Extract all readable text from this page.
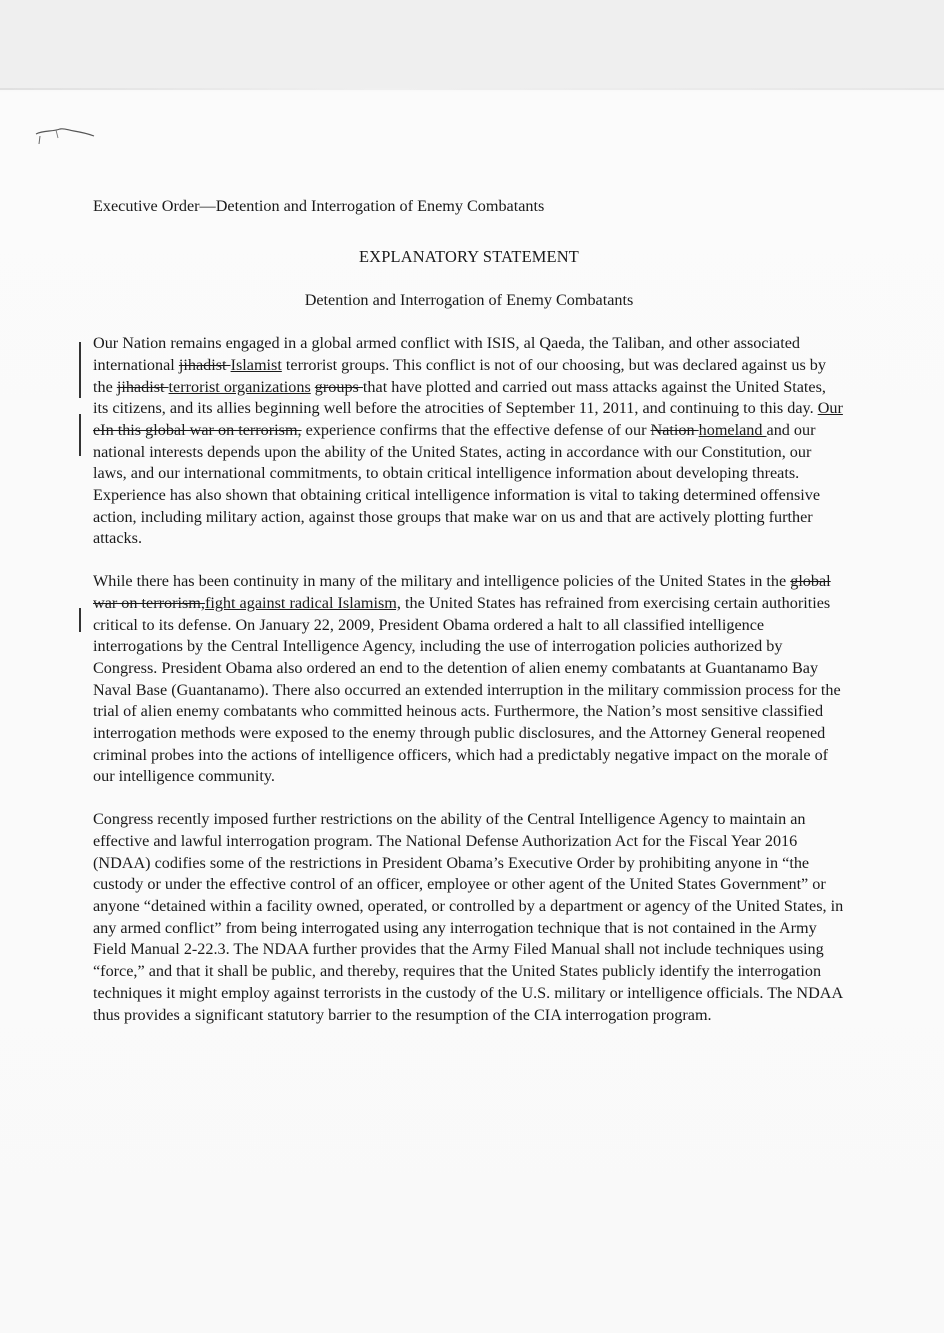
Executive Order—Detention and Interrogation of Enemy Combatants

EXPLANATORY STATEMENT

Detention and Interrogation of Enemy Combatants

Our Nation remains engaged in a global armed conflict with ISIS, al Qaeda, the Taliban, and other associated international jihadist Islamist terrorist groups. This conflict is not of our choosing, but was declared against us by the jihadist terrorist organizations groups that have plotted and carried out mass attacks against the United States, its citizens, and its allies beginning well before the atrocities of September 11, 2011, and continuing to this day. Our eIn this global war on terrorism, experience confirms that the effective defense of our Nation homeland and our national interests depends upon the ability of the United States, acting in accordance with our Constitution, our laws, and our international commitments, to obtain critical intelligence information about developing threats. Experience has also shown that obtaining critical intelligence information is vital to taking determined offensive action, including military action, against those groups that make war on us and that are actively plotting further attacks.

While there has been continuity in many of the military and intelligence policies of the United States in the global war on terrorism,fight against radical Islamism, the United States has refrained from exercising certain authorities critical to its defense. On January 22, 2009, President Obama ordered a halt to all classified intelligence interrogations by the Central Intelligence Agency, including the use of interrogation policies authorized by Congress. President Obama also ordered an end to the detention of alien enemy combatants at Guantanamo Bay Naval Base (Guantanamo). There also occurred an extended interruption in the military commission process for the trial of alien enemy combatants who committed heinous acts. Furthermore, the Nation’s most sensitive classified interrogation methods were exposed to the enemy through public disclosures, and the Attorney General reopened criminal probes into the actions of intelligence officers, which had a predictably negative impact on the morale of our intelligence community.

Congress recently imposed further restrictions on the ability of the Central Intelligence Agency to maintain an effective and lawful interrogation program. The National Defense Authorization Act for the Fiscal Year 2016 (NDAA) codifies some of the restrictions in President Obama’s Executive Order by prohibiting anyone in “the custody or under the effective control of an officer, employee or other agent of the United States Government” or anyone “detained within a facility owned, operated, or controlled by a department or agency of the United States, in any armed conflict” from being interrogated using any interrogation technique that is not contained in the Army Field Manual 2-22.3. The NDAA further provides that the Army Filed Manual shall not include techniques using “force,” and that it shall be public, and thereby, requires that the United States publicly identify the interrogation techniques it might employ against terrorists in the custody of the U.S. military or intelligence officials. The NDAA thus provides a significant statutory barrier to the resumption of the CIA interrogation program.
